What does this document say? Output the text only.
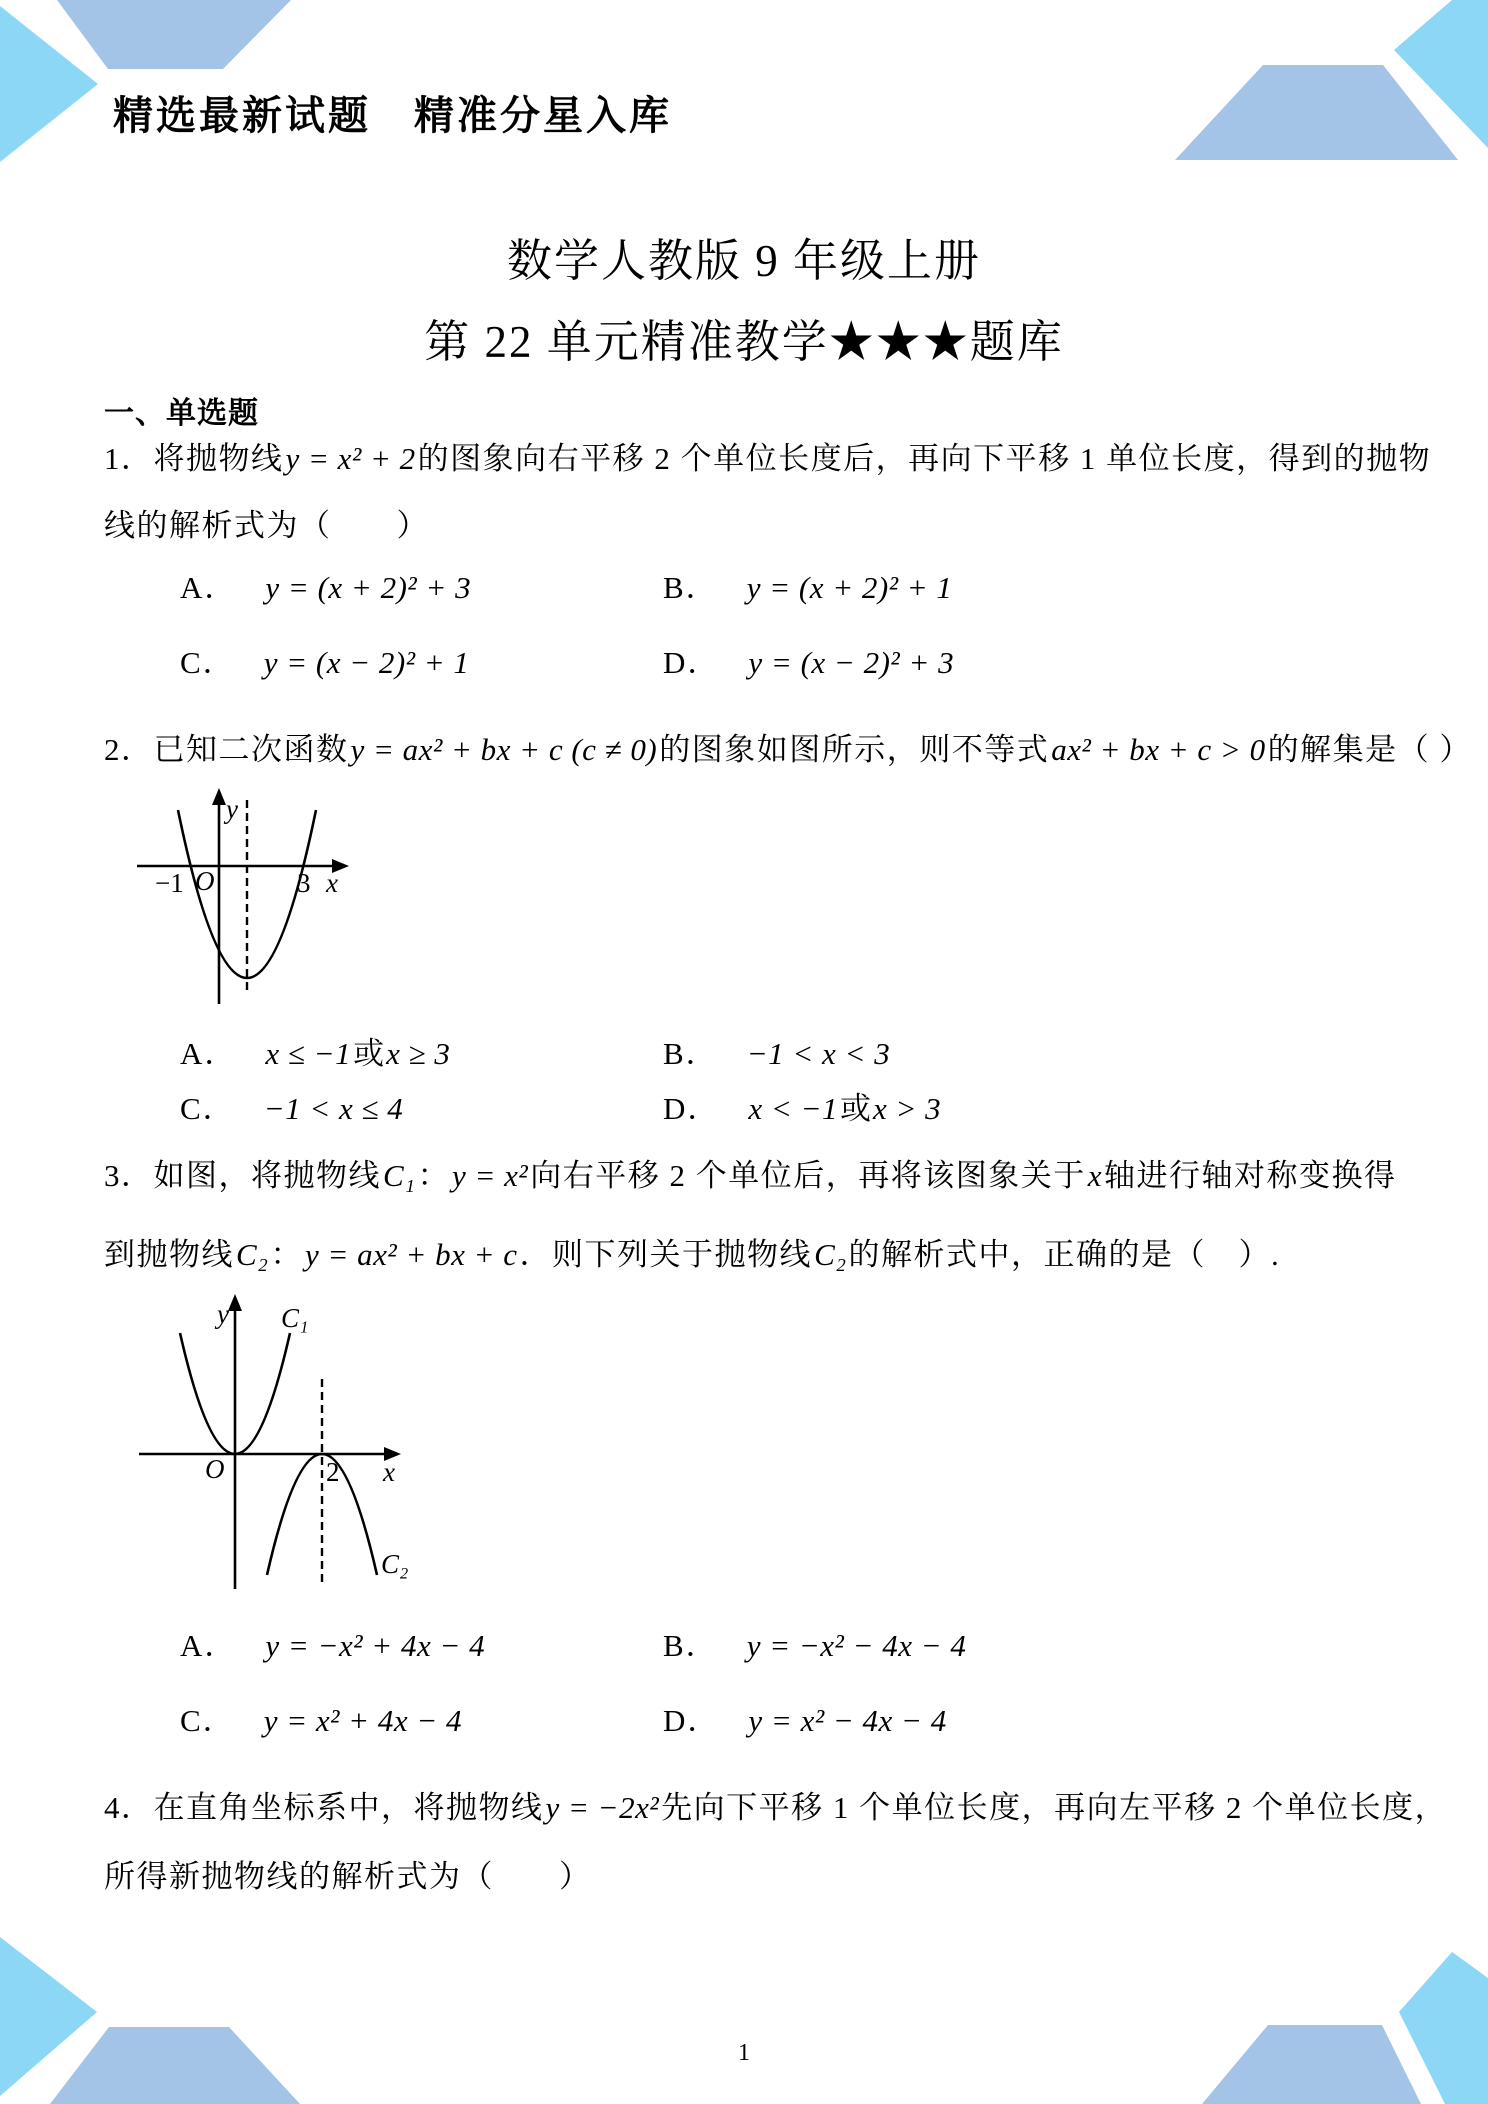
精选最新试题　精准分星入库
数学人教版 9 年级上册
第 22 单元精准教学★★★题库
一、单选题
1．将抛物线y = x² + 2的图象向右平移 2 个单位长度后，再向下平移 1 单位长度，得到的抛物
线的解析式为（　　）
A． y = (x + 2)² + 3	B． y = (x + 2)² + 1
C． y = (x − 2)² + 1	D． y = (x − 2)² + 3
2．已知二次函数y = ax² + bx + c (c ≠ 0)的图象如图所示，则不等式ax² + bx + c > 0的解集是（ ）
y
x
O
−1	3
A． x ≤ −1或x ≥ 3	B． −1 < x < 3
C． −1 < x ≤ 4	D． x < −1或x > 3
3．如图，将抛物线C₁：y = x²向右平移 2 个单位后，再将该图象关于x轴进行轴对称变换得
到抛物线C₂：y = ax² + bx + c．则下列关于抛物线C₂的解析式中，正确的是（　）.
y C₁
O	2 x
C₂
A． y = −x² + 4x − 4	B． y = −x² − 4x − 4
C． y = x² + 4x − 4	D． y = x² − 4x − 4
4．在直角坐标系中，将抛物线y = −2x²先向下平移 1 个单位长度，再向左平移 2 个单位长度，
所得新抛物线的解析式为（　　）
1
